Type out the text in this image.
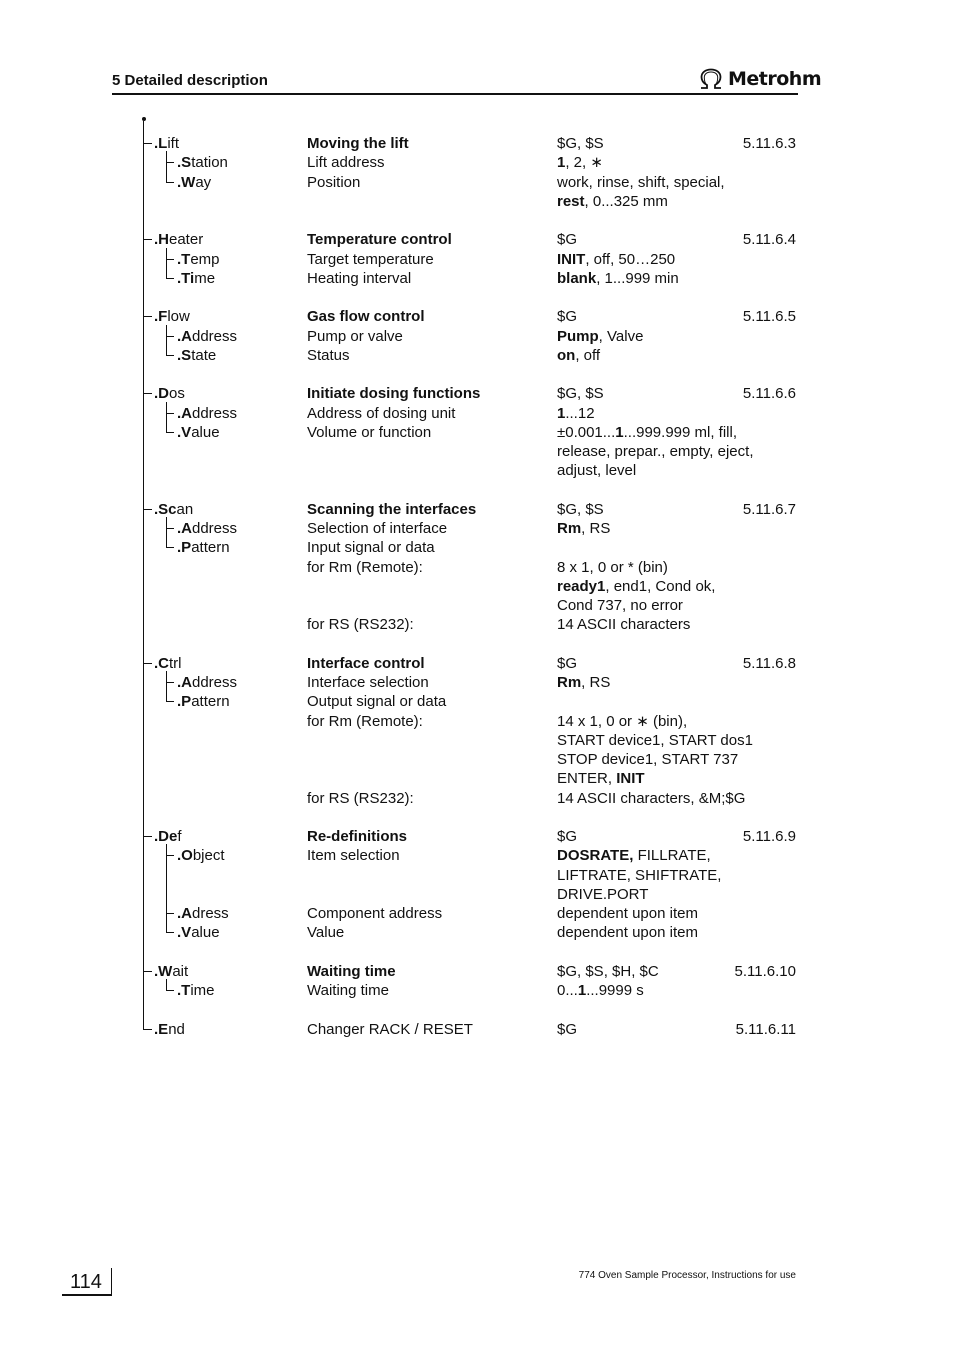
5 Detailed description	Metrohm
.Lift	Moving the lift	$G, $S	5.11.6.3
.Station	Lift address	1, 2, ∗
.Way	Position	work, rinse, shift, special,
rest, 0...325 mm
.Heater	Temperature control	$G	5.11.6.4
.Temp	Target temperature	INIT, off, 50…250
.Time	Heating interval	blank, 1...999 min
.Flow	Gas flow control	$G	5.11.6.5
.Address	Pump or valve	Pump, Valve
.State	Status	on, off
.Dos	Initiate dosing functions	$G, $S	5.11.6.6
.Address	Address of dosing unit	1...12
.Value	Volume or function	±0.001...1...999.999 ml, fill,
release, prepar., empty, eject,
adjust, level
.Scan	Scanning the interfaces	$G, $S	5.11.6.7
.Address	Selection of interface	Rm, RS
.Pattern	Input signal or data
for Rm (Remote):	8 x 1, 0 or * (bin)
ready1, end1, Cond ok,
Cond 737, no error
for RS (RS232):	14 ASCII characters
.Ctrl	Interface control	$G	5.11.6.8
.Address	Interface selection	Rm, RS
.Pattern	Output signal or data
for Rm (Remote):	14 x 1, 0 or ∗ (bin),
START device1, START dos1
STOP device1, START 737
ENTER, INIT
for RS (RS232):	14 ASCII characters, &M;$G
.Def	Re-definitions	$G	5.11.6.9
.Object	Item selection	DOSRATE, FILLRATE,
LIFTRATE, SHIFTRATE,
DRIVE.PORT
.Adress	Component address	dependent upon item
.Value	Value	dependent upon item
.Wait	Waiting time	$G, $S, $H, $C	5.11.6.10
.Time	Waiting time	0...1...9999 s
.End	Changer RACK / RESET	$G	5.11.6.11
114	774 Oven Sample Processor, Instructions for use
